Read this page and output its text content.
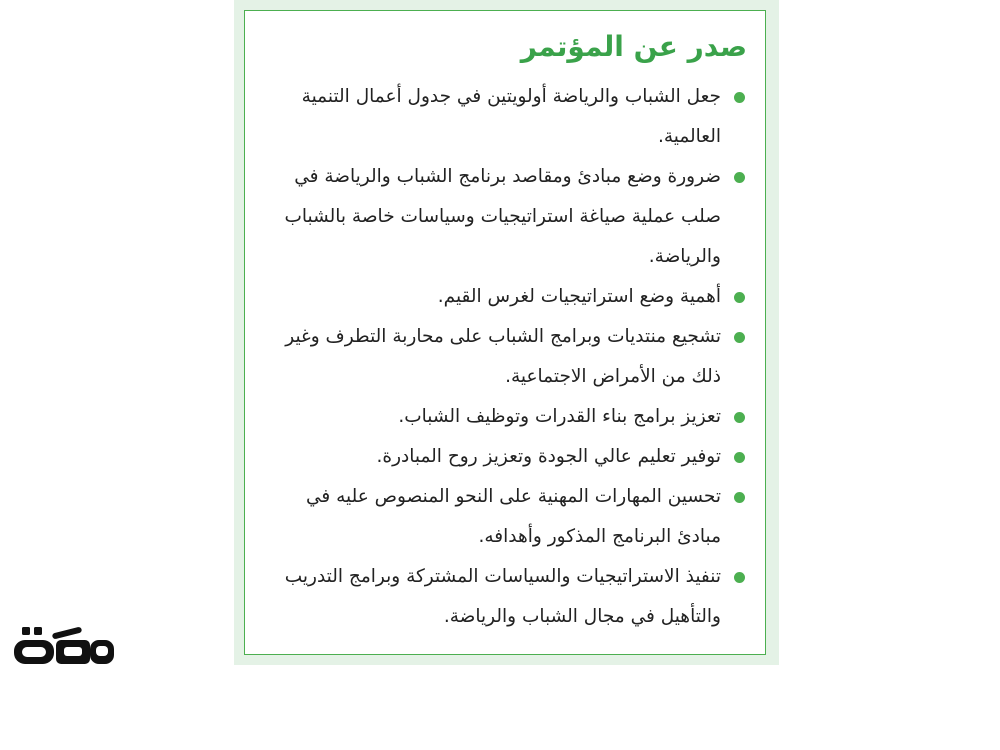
صدر عن المؤتمر
جعل الشباب والرياضة أولويتين في جدول أعمال التنمية العالمية.
ضرورة وضع مبادئ ومقاصد برنامج الشباب والرياضة في صلب عملية صياغة استراتيجيات وسياسات خاصة بالشباب والرياضة.
أهمية وضع استراتيجيات لغرس القيم.
تشجيع منتديات وبرامج الشباب على محاربة التطرف وغير ذلك من الأمراض الاجتماعية.
تعزيز برامج بناء القدرات وتوظيف الشباب.
توفير تعليم عالي الجودة وتعزيز روح المبادرة.
تحسين المهارات المهنية على النحو المنصوص عليه في مبادئ البرنامج المذكور وأهدافه.
تنفيذ الاستراتيجيات والسياسات المشتركة وبرامج التدريب والتأهيل في مجال الشباب والرياضة.
